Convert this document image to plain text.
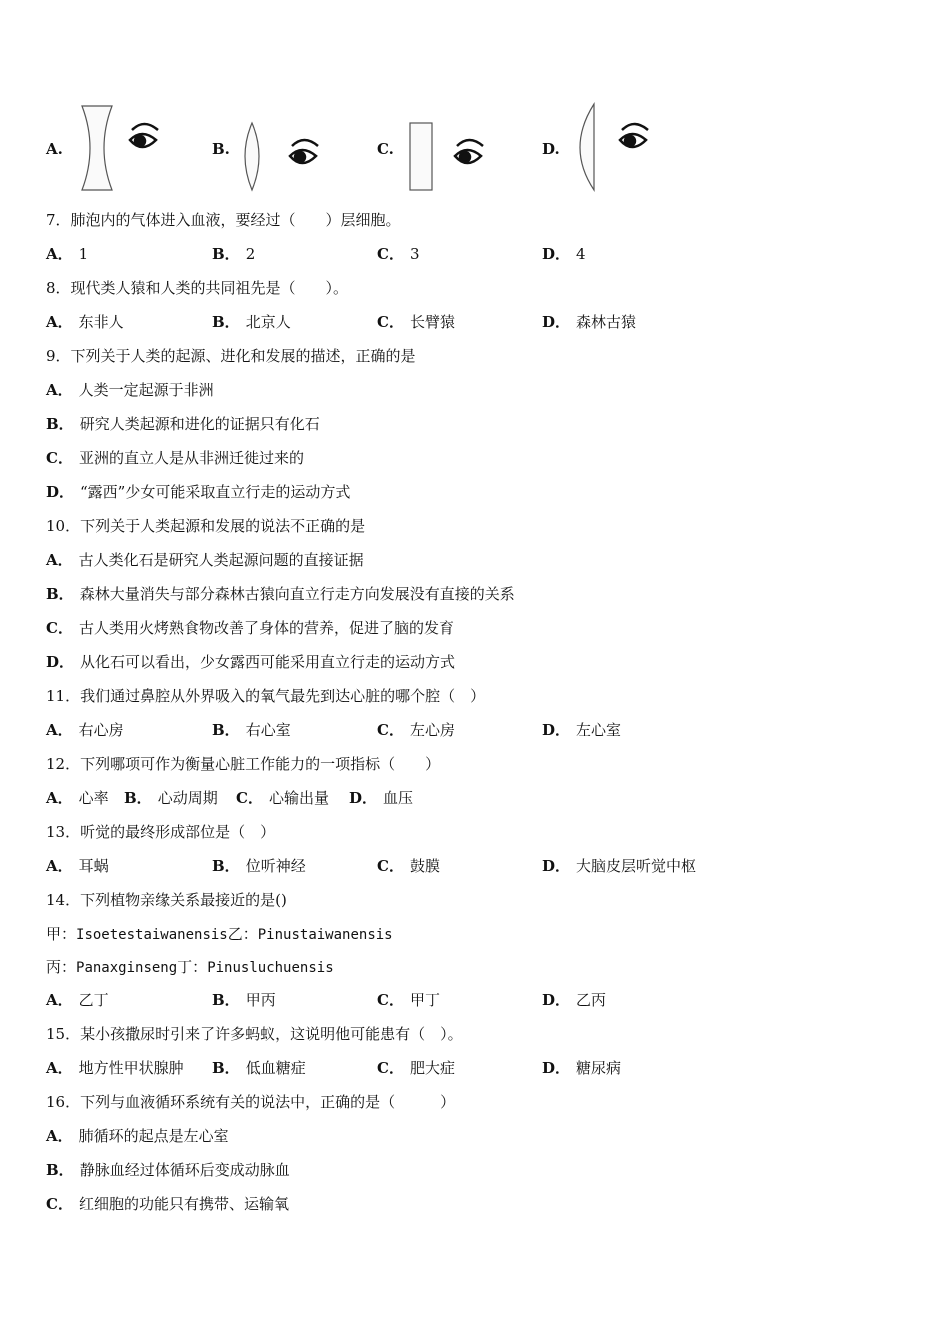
A.	B.	C.	D.
7．肺泡内的气体进入血液，要经过（　　）层细胞。
A． 1	B． 2	C． 3	D． 4
8．现代类人猿和人类的共同祖先是（　　）。
A． 东非人	B． 北京人	C． 长臂猿	D． 森林古猿
9．下列关于人类的起源、进化和发展的描述，正确的是
A． 人类一定起源于非洲
B． 研究人类起源和进化的证据只有化石
C． 亚洲的直立人是从非洲迁徙过来的
D． “露西”少女可能采取直立行走的运动方式
10．下列关于人类起源和发展的说法不正确的是
A． 古人类化石是研究人类起源问题的直接证据
B． 森林大量消失与部分森林古猿向直立行走方向发展没有直接的关系
C． 古人类用火烤熟食物改善了身体的营养，促进了脑的发育
D． 从化石可以看出，少女露西可能采用直立行走的运动方式
11．我们通过鼻腔从外界吸入的氧气最先到达心脏的哪个腔（　）
A． 右心房	B． 右心室	C． 左心房	D． 左心室
12．下列哪项可作为衡量心脏工作能力的一项指标（　　）
A． 心率 B． 心动周期 C． 心输出量 D． 血压
13．听觉的最终形成部位是（　）
A． 耳蜗	B． 位听神经	C． 鼓膜	D． 大脑皮层听觉中枢
14．下列植物亲缘关系最接近的是()
甲：Isoetestaiwanensis乙：Pinustaiwanensis
丙：Panaxginseng丁：Pinusluchuensis
A． 乙丁	B． 甲丙	C． 甲丁	D． 乙丙
15．某小孩撒尿时引来了许多蚂蚁，这说明他可能患有（　）。
A． 地方性甲状腺肿 B． 低血糖症	C． 肥大症	D． 糖尿病
16．下列与血液循环系统有关的说法中，正确的是（　　　）
A． 肺循环的起点是左心室
B． 静脉血经过体循环后变成动脉血
C． 红细胞的功能只有携带、运输氧
